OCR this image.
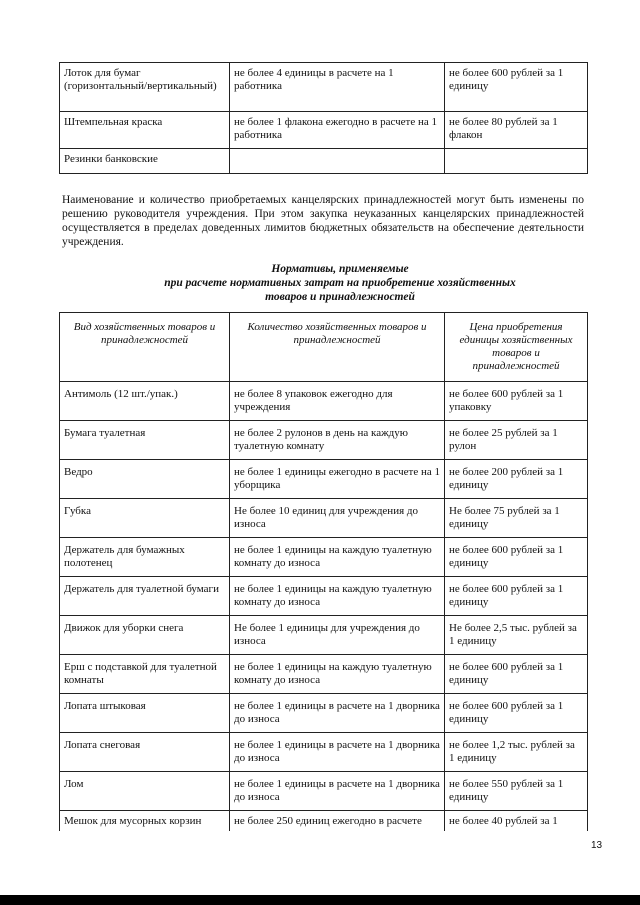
Лоток для бумаг (горизонтальный/вертикальный)	не более 4 единицы в расчете на 1 работника	не более 600 рублей за 1 единицу
Штемпельная краска	не более 1 флакона ежегодно в расчете на 1 работника	не более 80 рублей за 1 флакон
Резинки банковские		

Наименование и количество приобретаемых канцелярских принадлежностей могут быть изменены по решению руководителя учреждения. При этом закупка неуказанных канцелярских принадлежностей осуществляется в пределах доведенных лимитов бюджетных обязательств на обеспечение деятельности учреждения.

Нормативы, применяемые
при расчете нормативных затрат на приобретение хозяйственных
товаров и принадлежностей
Вид хозяйственных товаров и принадлежностей	Количество хозяйственных товаров и принадлежностей	Цена приобретения единицы хозяйственных товаров и принадлежностей
Антимоль (12 шт./упак.)	не более 8 упаковок ежегодно для учреждения	не более 600 рублей за 1 упаковку
Бумага туалетная	не более 2 рулонов в день на каждую туалетную комнату	не более 25 рублей за 1 рулон
Ведро	не более 1 единицы ежегодно в расчете на 1 уборщика	не более 200 рублей за 1 единицу
Губка	Не более 10 единиц для учреждения до износа	Не более 75 рублей за 1 единицу
Держатель для бумажных полотенец	не более 1 единицы на каждую туалетную комнату до износа	не более 600 рублей за 1 единицу
Держатель для туалетной бумаги	не более 1 единицы на каждую туалетную комнату до износа	не более 600 рублей за 1 единицу
Движок для уборки снега	Не более 1 единицы для учреждения до износа	Не более 2,5 тыс. рублей за 1 единицу
Ерш с подставкой для туалетной комнаты	не более 1 единицы на каждую туалетную комнату до износа	не более 600 рублей за 1 единицу
Лопата штыковая	не более 1 единицы в расчете на 1 дворника до износа	не более 600 рублей за 1 единицу
Лопата снеговая	не более 1 единицы в расчете на 1 дворника до износа	не более 1,2 тыс. рублей за 1 единицу
Лом	не более 1 единицы в расчете на 1 дворника до износа	не более 550 рублей за 1 единицу
Мешок для мусорных корзин	не более 250 единиц ежегодно в расчете	не более 40 рублей за 1
13
